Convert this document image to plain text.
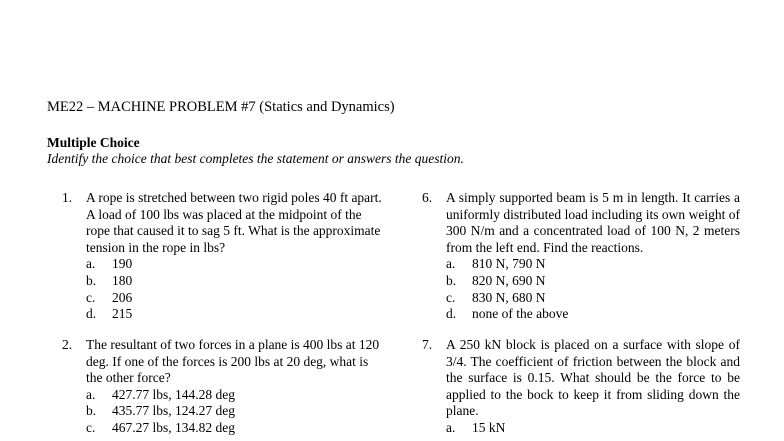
ME22 – MACHINE PROBLEM #7 (Statics and Dynamics)
Multiple Choice
Identify the choice that best completes the statement or answers the question.
1.	A rope is stretched between two rigid poles 40 ft apart. A load of 100 lbs was placed at the midpoint of the rope that caused it to sag 5 ft. What is the approximate tension in the rope in lbs?
a.	190
b.	180
c.	206
d.	215
6.	A simply supported beam is 5 m in length. It carries a uniformly distributed load including its own weight of 300 N/m and a concentrated load of 100 N, 2 meters from the left end. Find the reactions.
a.	810 N, 790 N
b.	820 N, 690 N
c.	830 N, 680 N
d.	none of the above
2.	The resultant of two forces in a plane is 400 lbs at 120 deg. If one of the forces is 200 lbs at 20 deg, what is the other force?
a.	427.77 lbs, 144.28 deg
b.	435.77 lbs, 124.27 deg
c.	467.27 lbs, 134.82 deg
7.	A 250 kN block is placed on a surface with slope of 3/4. The coefficient of friction between the block and the surface is 0.15. What should be the force to be applied to the bock to keep it from sliding down the plane.
a.	15 kN
